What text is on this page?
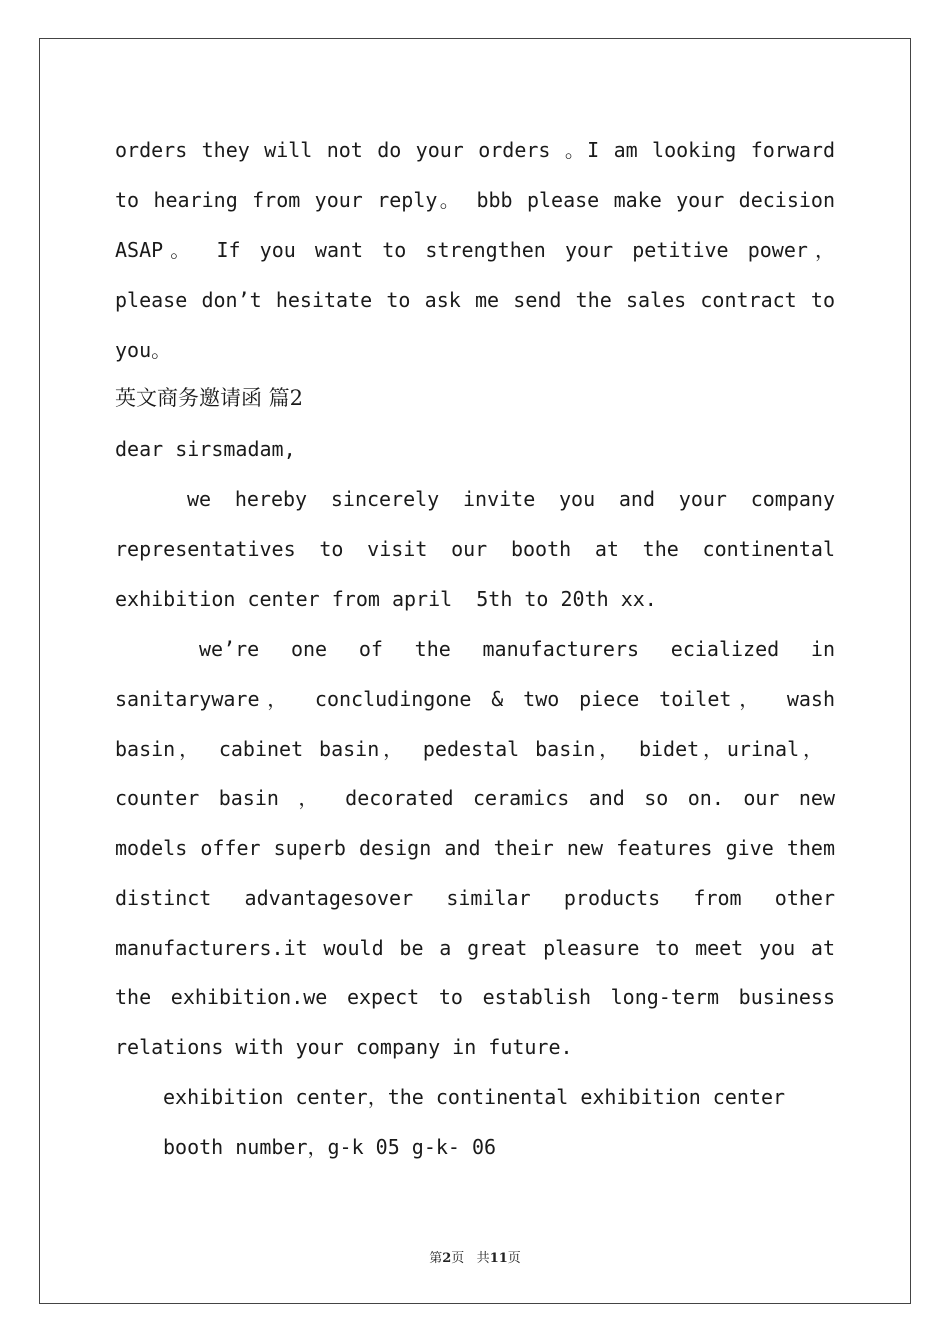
orders they will not do your orders 。I am looking forward
to hearing from your reply。 bbb please make your decision
ASAP。 If you want to strengthen your petitive power，
please don’t hesitate to ask me send the sales contract to
you。
英文商务邀请函 篇2
dear sirsmadam,
we hereby sincerely invite you and your company
representatives to visit our booth at the continental
exhibition center from april  5th to 20th xx.
we’re one of the manufacturers ecialized in
sanitaryware， concludingone & two piece toilet， wash
basin， cabinet basin， pedestal basin， bidet，urinal，
counter basin ， decorated ceramics and so on. our new
models offer superb design and their new features give them
distinct advantagesover similar products from other
manufacturers.it would be a great pleasure to meet you at
the exhibition.we expect to establish long-term business
relations with your company in future.
exhibition center，the continental exhibition center
booth number，g-k 05 g-k- 06
第2页 共11页
